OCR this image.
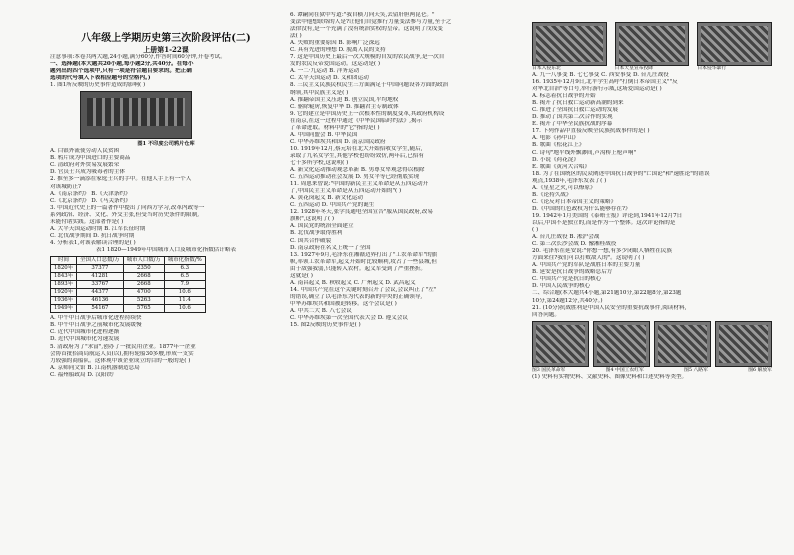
八年级上学期历史第三次阶段评估(二)
上册第1-22课
注意事项:本卷共两大题,24小题,满分60分,作答时间60分钟,开卷考试。
一、选择题(本大题共20小题,每小题2分,共40分。在每小
题列出的四个选项中,只有一项是符合题目要求的。把正确
选项的代号填入下表相应题号的空格内。)
1. 图1所反映的历史事件造成的影响( )
图1 不印度公司鸦片仓库
A. 白银外流使劳动人民贫困
B. 鸦片成为中国进口的主要商品
C. 清政府对外贸易发展繁荣
D. 官员士兵成为吸毒者的主体
2. 推至多一滴添在家庭士兵的手中。在他人手上有一个人
对该城防止?
A.《南京条约》 B.《天津条约》
C.《北京条约》 D.《马关条约》
3. 中国近代史上的一篇著作中提出了向西方学习,改革内政等一
系列政治、经济、文化、外交主张,但受当时历史条件的限制,
未能付诸实践。这部著作是( )
A. 大平天国运动时期 B. 江军长征时期
C. 北伐战争期间 D. 抗日战争时期
4. 分析表1,对该表解读合理的是( )
表1 1820—1949年中国城市人口及城市化指数估计略表
时间	全国人口总数/万	城市人口数/万	城市化指数/%
1820年	37377	2350	6.3
1843年	41281	2668	6.5
1893年	33767	2668	7.9
1920年	44377	4700	10.6
1936年	46136	5263	11.4
1949年	54167	5765	10.6
A. 甲午中日战争后城市化进程持续快
B. 甲午中日战争之前城市化发展缓慢
C. 近代中国城市化进程逐渐
D. 近代中国城市化匀速发展
5. 清政府为了"求富",创办了一批民用企业。1877年一企业
会协首批招商局航运人员(以),拥有轮船30多艘,形成一支实
力较强的商船队。这体现中该企业成立的目的一般的是( )
A. 京师同文馆 B. 江南机器制造总局
C. 福州船政局 D. 汉阳铁厂
6. 谭嗣同在狱中写道:"我自横刀向天笑,去留肝胆两昆仑。"
变法中他想联络的人是?让他们自觉推行力量变法参与力量,至于之
法律没有,是一个充满了没有统治实权的皇帝。这说明了戊戌变
法( )
A. 失败的重要原因 B. 影响广泛深远
C. 具有先进的理想 D. 脱离人民的支持
7. 这是中国历史上最后一次大规模的自发的农民战争,是一次自
发的农民反帝爱国运动。这运动是( )
A. 一二·九运动 B. 洋务运动
C. 太平天国运动 D. 义和团运动
8. 三民主义民族民权民生三方面满足于中国问题设各方面的政治
纲领,其中民族主义是( )
A. 推翻帝国主义压迫 B. 创立民国,平均地权
C. 驱除鞑虏,恢复中华 D. 推翻君主专制政体
9. 它的建立是中国历史上一次根本性的制度变革,其政府机构设
在南京,在这一过程中通过《中华民国临时约法》,揭示
了革命进取。材料中的"它"指的是( )
A. 中国同盟会 B. 中华民国
C. 中华苏维埃共和国 D. 南京国民政府
10. 1919年12月,蔡元培在北大开始招收女学生,随后,
录取了九名女学生,其他学校也纷纷效仿,两年后,已招有
七十多所学校,这说明( )
A. 新文化运动推动观念革新 B. 男尊女卑观念得以根除
C. 五四运动推动社会发展 D. 男女平等已经彻底实现
11. 周恩来曾说:"中国的新民主主义革命是从五四运动开
了,中国民主主义革命是从五四运动开始的"( )
A. 黄花岗起义 B. 新文化运动
C. 五四运动 D. 中国共产党的诞生
12. 1928年冬天,张学良通电全国宣告"服从国民政府,改易
旗帜",这说明了( )
A. 国民党的统治全面建立
B. 北伐战争取得胜利
C. 国共合作破裂
D. 南京政府在名义上统一了全国
13. 1927年9月,毛泽东在湘赣边界打出了"工农革命军"的旗
帜,率领工农革命军,起义开始时比较顺利,攻占了一些县城,但
由于敌强我弱,只能转入农村。起义军受到了严重挫折。
这就是( )
A. 南昌起义 B. 秋收起义 C. 广州起义 D. 武昌起义
14. 中国共产党在这个关键时刻召开了会议,会议纠正了"左"
的错误,确立了以毛泽东为代表的新的中央的正确领导,
中华苏维埃共和国被迫转移。这个会议是( )
A. 中共二大 B. 八七会议
C. 中华苏维埃第一次全国代表大会 D. 遵义会议
15. 图2反映的历史事件是( )
日本入侵东北	日本天皇宣布投降	日本侵华暴行
A. 九一八事变 B. 七七事变 C. 西安事变 D. 台儿庄战役
16. 1935年12月9日,北平学生高呼"打倒日本帝国主义""反
对华北自治"等口号,举行游行示威,这场爱国运动是( )
A. 标志着抗日战争的开始
B. 揭开了抗日救亡运动新高潮的到来
C. 推进了全国抗日救亡运动的发展
D. 推动了国共第二次合作的实现
E. 揭开了中华全民族抗战的序幕
17. 下列作品中直接反映全民族抗战事件的是( )
A. 电影《孙中山》
B. 歌曲《松花江上》
C. 诗句"地平线外飘渺间,芦沟桥上枪声响"
D. 小说《荷花淀》
E. 歌曲《黄河大合唱》
18. 为了在国统区的民众阐述中国抗日战争的"亡国论"和"速胜论"的错误
观点,1938年,毛泽东发表了( )
A.《星星之火,可以燎原》
B.《论持久战》
C.《论反对日本帝国主义的策略》
D.《中国的红色政权为什么能够存在?》
19. 1942年1月美国的《泰晤士报》评论到,1941年12月7日
以后,中国不是独立的,而是作为一个整体。这次评论指的是
( )
A. 台儿庄战役 B. 淞沪会战
C. 第三次长沙会战 D. 豫湘桂战役
20. 毛泽东在延安说:"你想一想,有多少闭眼人牺牲在民族
方面来往?我们可以打败敌人的"。这说明了( )
A. 中国共产党的军队是战胜日本的主要力量
B. 延安是抗日战争的战略总后方
C. 中国共产党是抗日的核心
D. 中国人民战争的核心
二、综合题(本大题共4小题,第21题10分,第22题8分,第23题
10分,第24题12分,共40分。)
21. (10分)抗战胜利是中国人民安全的重要抗战事件,阅读材料,
回答问题。
图3 国民革命军	图4 中国工农红军	图5 八路军	图6 解放军
(1) 史料有实物史料、文献史料、图像史料和口述史料等类型。
